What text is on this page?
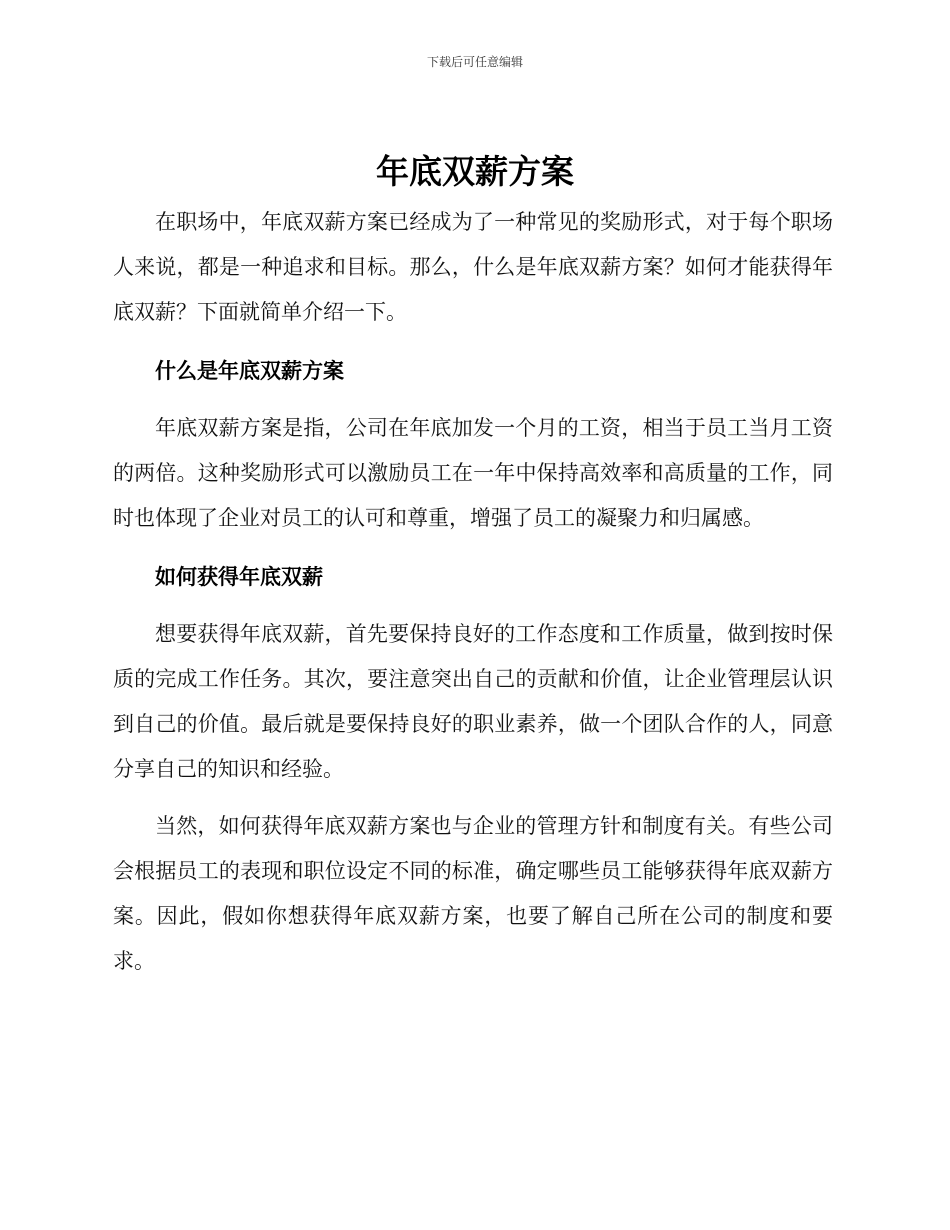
下载后可任意编辑
年底双薪方案

在职场中，年底双薪方案已经成为了一种常见的奖励形式，对于每个职场人来说，都是一种追求和目标。那么，什么是年底双薪方案？如何才能获得年底双薪？下面就简单介绍一下。

什么是年底双薪方案

年底双薪方案是指，公司在年底加发一个月的工资，相当于员工当月工资的两倍。这种奖励形式可以激励员工在一年中保持高效率和高质量的工作，同时也体现了企业对员工的认可和尊重，增强了员工的凝聚力和归属感。

如何获得年底双薪

想要获得年底双薪，首先要保持良好的工作态度和工作质量，做到按时保质的完成工作任务。其次，要注意突出自己的贡献和价值，让企业管理层认识到自己的价值。最后就是要保持良好的职业素养，做一个团队合作的人，同意分享自己的知识和经验。

当然，如何获得年底双薪方案也与企业的管理方针和制度有关。有些公司会根据员工的表现和职位设定不同的标准，确定哪些员工能够获得年底双薪方案。因此，假如你想获得年底双薪方案，也要了解自己所在公司的制度和要求。
